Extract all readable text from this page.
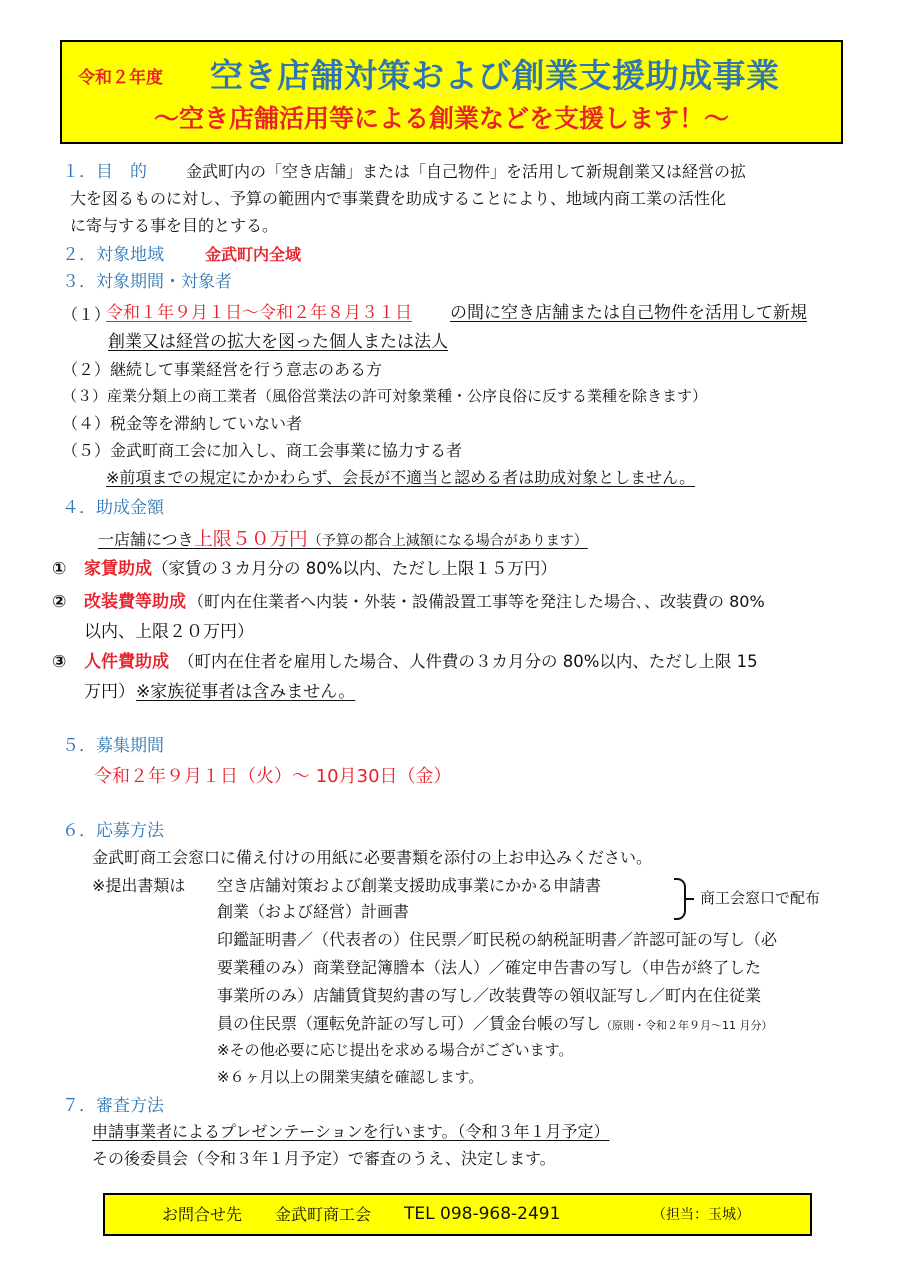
令和２年度 空き店舗対策および創業支援助成事業
～空き店舗活用等による創業などを支援します！～
１．目　的 金武町内の「空き店舗」または「自己物件」を活用して新規創業又は経営の拡
大を図るものに対し、予算の範囲内で事業費を助成することにより、地域内商工業の活性化
に寄与する事を目的とする。
２．対象地域	金武町内全域
３．対象期間・対象者
（１）
令和１年９月１日～令和２年８月３１日 の間に空き店舗または自己物件を活用して新規
創業又は経営の拡大を図った個人または法人
（２）継続して事業経営を行う意志のある方
（３）産業分類上の商工業者（風俗営業法の許可対象業種・公序良俗に反する業種を除きます）
（４）税金等を滞納していない者
（５）金武町商工会に加入し、商工会事業に協力する者
※前項までの規定にかかわらず、会長が不適当と認める者は助成対象としません。
４．助成金額
一店舗につき上限５０万円（予算の都合上減額になる場合があります）
① 家賃助成 （家賃の３カ月分の 80%以内、ただし上限１５万円）
② 改装費等助成 （町内在住業者へ内装・外装・設備設置工事等を発注した場合､、改装費の 80%
以内、上限２０万円）
③ 人件費助成 （町内在住者を雇用した場合、人件費の３カ月分の 80%以内、ただし上限 15
万円） ※家族従事者は含みません。
５．募集期間
令和２年９月１日（火）～ 10月30日（金）
６．応募方法
金武町商工会窓口に備え付けの用紙に必要書類を添付の上お申込みください。
※提出書類は 空き店舗対策および創業支援助成事業にかかる申請書
創業（および経営）計画書
商工会窓口で配布
印鑑証明書／（代表者の）住民票／町民税の納税証明書／許認可証の写し（必
要業種のみ）商業登記簿謄本（法人）／確定申告書の写し（申告が終了した
事業所のみ）店舗賃貸契約書の写し／改装費等の領収証写し／町内在住従業
員の住民票（運転免許証の写し可）／賃金台帳の写し（原則・令和２年９月～11 月分）
※その他必要に応じ提出を求める場合がございます。
※６ヶ月以上の開業実績を確認します。
７．審査方法
申請事業者によるプレゼンテーションを行います。（令和３年１月予定）
その後委員会（令和３年１月予定）で審査のうえ、決定します。
お問合せ先 金武町商工会 TEL 098-968-2491	（担当：玉城）
